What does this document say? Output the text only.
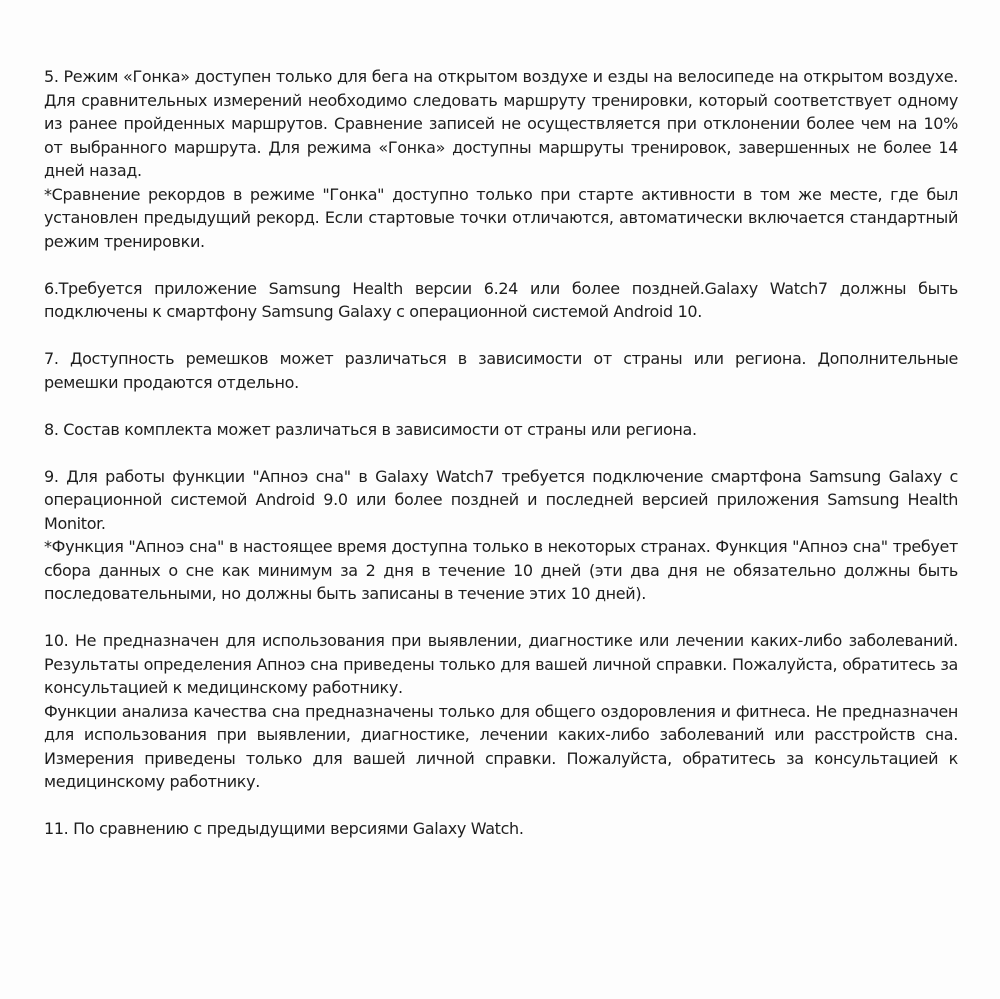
5. Режим «Гонка» доступен только для бега на открытом воздухе и езды на велосипеде на открытом воздухе. Для сравнительных измерений необходимо следовать маршруту тренировки, который соответствует одному из ранее пройденных маршрутов. Сравнение записей не осуществляется при отклонении более чем на 10% от выбранного маршрута. Для режима «Гонка» доступны маршруты тренировок, завершенных не более 14 дней назад.

*Сравнение рекордов в режиме "Гонка" доступно только при старте активности в том же месте, где был установлен предыдущий рекорд. Если стартовые точки отличаются, автоматически включается стандартный режим тренировки.

6.Требуется приложение Samsung Health версии 6.24 или более поздней.Galaxy Watch7 должны быть подключены к смартфону Samsung Galaxy с операционной системой Android 10.

7. Доступность ремешков может различаться в зависимости от страны или региона. Дополнительные ремешки продаются отдельно.

8. Состав комплекта может различаться в зависимости от страны или региона.

9. Для работы функции "Апноэ сна" в Galaxy Watch7 требуется подключение смартфона Samsung Galaxy с операционной системой Android 9.0 или более поздней и последней версией приложения Samsung Health Monitor.

*Функция "Апноэ сна" в настоящее время доступна только в некоторых странах. Функция "Апноэ сна" требует сбора данных о сне как минимум за 2 дня в течение 10 дней (эти два дня не обязательно должны быть последовательными, но должны быть записаны в течение этих 10 дней).

10. Не предназначен для использования при выявлении, диагностике или лечении каких-либо заболеваний. Результаты определения Апноэ сна приведены только для вашей личной справки. Пожалуйста, обратитесь за консультацией к медицинскому работнику.

Функции анализа качества сна предназначены только для общего оздоровления и фитнеса. Не предназначен для использования при выявлении, диагностике, лечении каких-либо заболеваний или расстройств сна. Измерения приведены только для вашей личной справки. Пожалуйста, обратитесь за консультацией к медицинскому работнику.

11. По сравнению с предыдущими версиями Galaxy Watch.
